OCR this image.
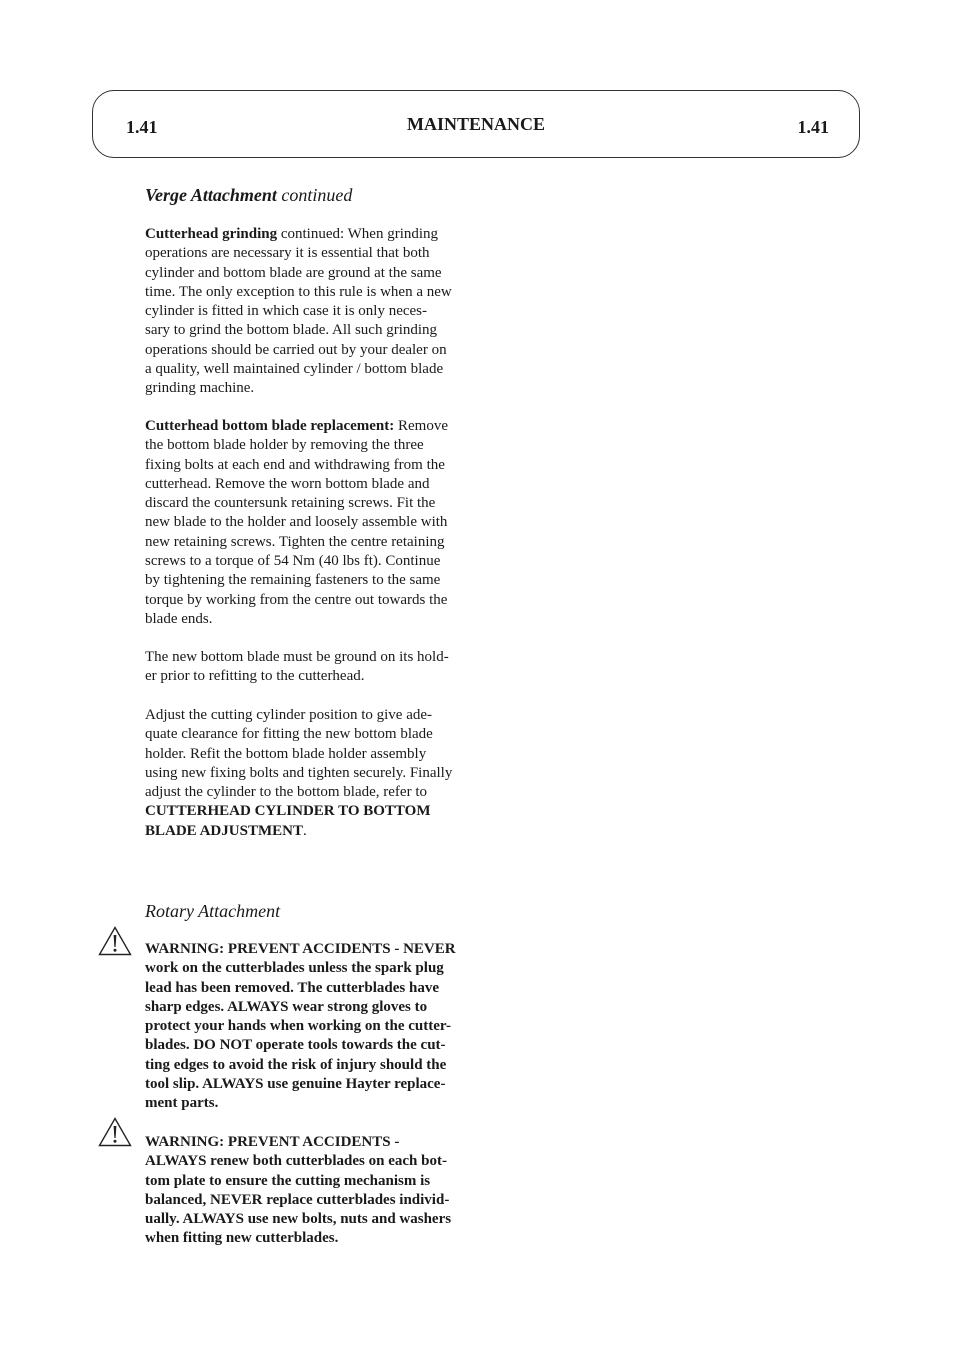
1.41	MAINTENANCE	1.41
Verge Attachment continued

Cutterhead grinding continued: When grinding

operations are necessary it is essential that both

cylinder and bottom blade are ground at the same

time. The only exception to this rule is when a new

cylinder is fitted in which case it is only neces-

sary to grind the bottom blade. All such grinding

operations should be carried out by your dealer on

a quality, well maintained cylinder / bottom blade

grinding machine.

Cutterhead bottom blade replacement: Remove

the bottom blade holder by removing the three

fixing bolts at each end and withdrawing from the

cutterhead. Remove the worn bottom blade and

discard the countersunk retaining screws. Fit the

new blade to the holder and loosely assemble with

new retaining screws. Tighten the centre retaining

screws to a torque of 54 Nm (40 lbs ft). Continue

by tightening the remaining fasteners to the same

torque by working from the centre out towards the

blade ends.

The new bottom blade must be ground on its hold-

er prior to refitting to the cutterhead.

Adjust the cutting cylinder position to give ade-

quate clearance for fitting the new bottom blade

holder. Refit the bottom blade holder assembly

using new fixing bolts and tighten securely. Finally

adjust the cylinder to the bottom blade, refer to

CUTTERHEAD CYLINDER TO BOTTOM

BLADE ADJUSTMENT.

Rotary Attachment

WARNING: PREVENT ACCIDENTS - NEVER

work on the cutterblades unless the spark plug

lead has been removed. The cutterblades have

sharp edges. ALWAYS wear strong gloves to

protect your hands when working on the cutter-

blades. DO NOT operate tools towards the cut-

ting edges to avoid the risk of injury should the

tool slip. ALWAYS use genuine Hayter replace-

ment parts.

WARNING: PREVENT ACCIDENTS -

ALWAYS renew both cutterblades on each bot-

tom plate to ensure the cutting mechanism is

balanced, NEVER replace cutterblades individ-

ually. ALWAYS use new bolts, nuts and washers

when fitting new cutterblades.
